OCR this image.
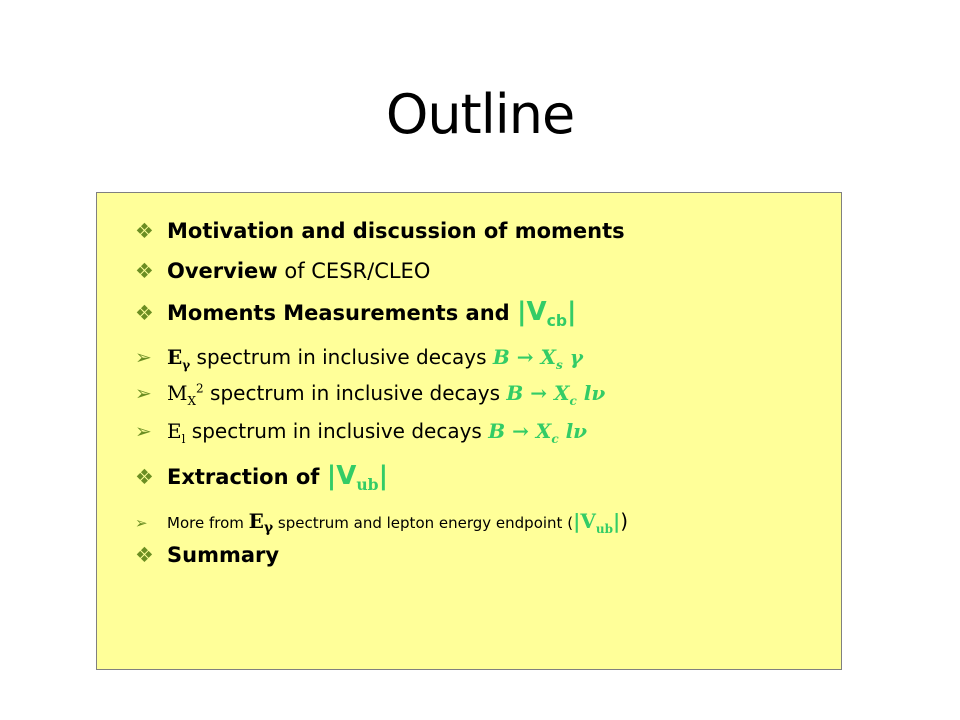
Outline
❖ Motivation and discussion of moments
❖ Overview of CESR/CLEO
❖ Moments Measurements and $|V_{cb}|$
➢ $E_\gamma$ spectrum in inclusive decays $B \to X_s$ γ
➢ $M_X^2$ spectrum in inclusive decays $B \to X_c$ lν
➢ $E_l$ spectrum in inclusive decays $B \to X_c$ lν
❖ Extraction of $|V_{ub}|$
➢ More from $E_\gamma$ spectrum and lepton energy endpoint $(|V_{ub}|)$
❖ Summary
